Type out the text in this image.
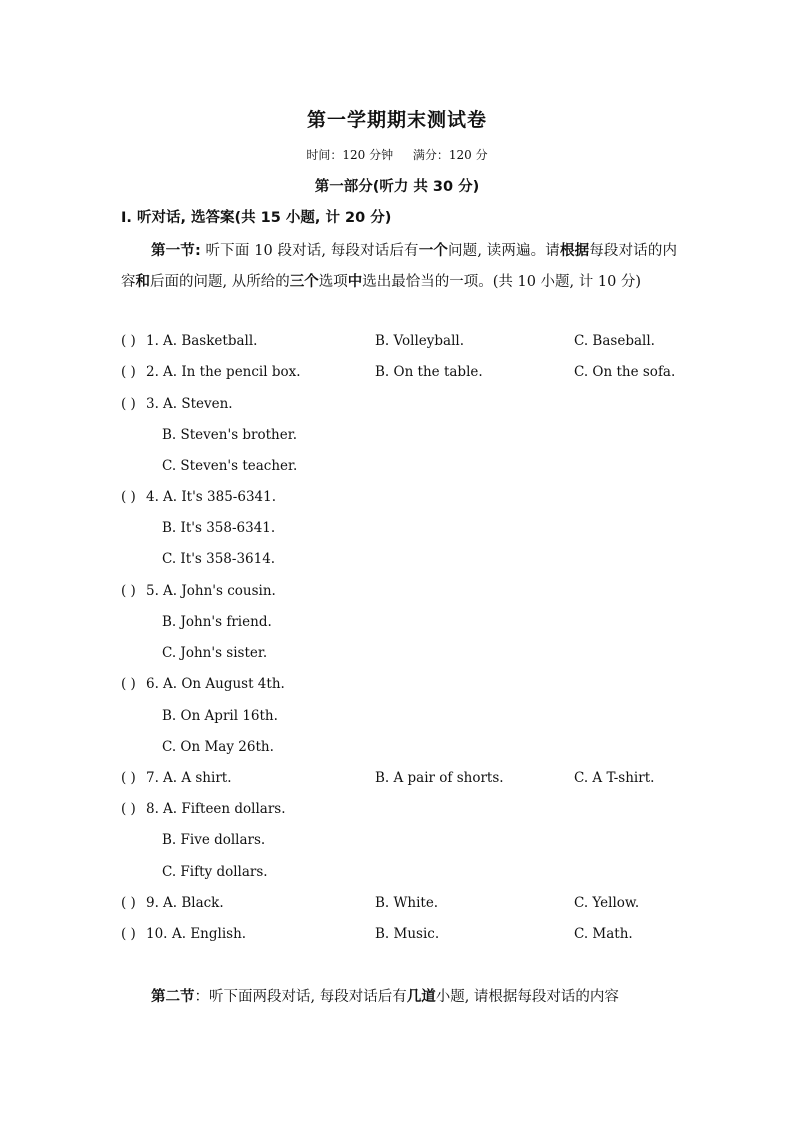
第一学期期末测试卷
时间：120 分钟 满分：120 分
第一部分(听力 共 30 分)
Ⅰ. 听对话, 选答案(共 15 小题, 计 20 分)
第一节: 听下面 10 段对话, 每段对话后有一个问题, 读两遍。请根据每段对话的内容和后面的问题, 从所给的三个选项中选出最恰当的一项。(共 10 小题, 计 10 分)
( ) 1. A. Basketball.	B. Volleyball.	C. Baseball.
( ) 2. A. In the pencil box.	B. On the table.	C. On the sofa.
( ) 3. A. Steven.
B. Steven's brother.
C. Steven's teacher.
( ) 4. A. It's 385-6341.
B. It's 358-6341.
C. It's 358-3614.
( ) 5. A. John's cousin.
B. John's friend.
C. John's sister.
( ) 6. A. On August 4th.
B. On April 16th.
C. On May 26th.
( ) 7. A. A shirt.	B. A pair of shorts.	C. A T-shirt.
( ) 8. A. Fifteen dollars.
B. Five dollars.
C. Fifty dollars.
( ) 9. A. Black.	B. White.	C. Yellow.
( ) 10. A. English.	B. Music.	C. Math.
第二节：听下面两段对话, 每段对话后有几道小题, 请根据每段对话的内容
